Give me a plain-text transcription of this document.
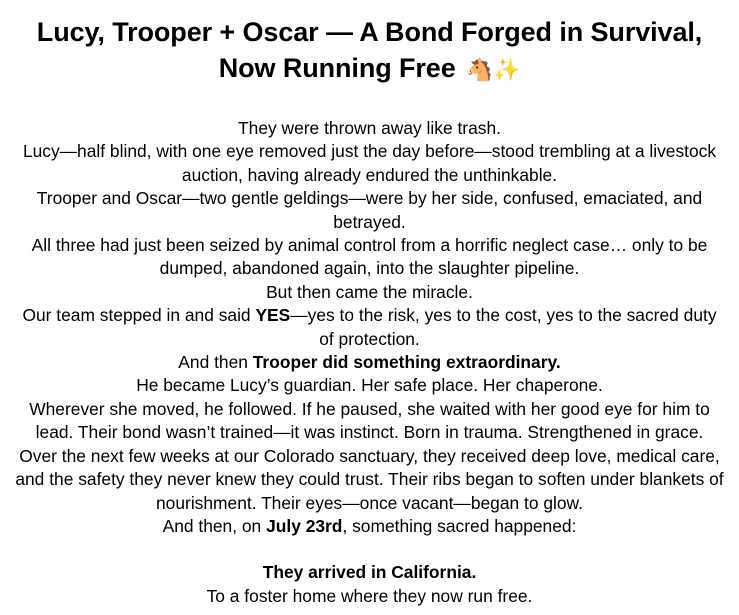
Lucy, Trooper + Oscar — A Bond Forged in Survival,
Now Running Free 🐴✨

They were thrown away like trash.

Lucy—half blind, with one eye removed just the day before—stood trembling at a livestock auction, having already endured the unthinkable.

Trooper and Oscar—two gentle geldings—were by her side, confused, emaciated, and betrayed.

All three had just been seized by animal control from a horrific neglect case… only to be dumped, abandoned again, into the slaughter pipeline.

But then came the miracle.

Our team stepped in and said YES—yes to the risk, yes to the cost, yes to the sacred duty of protection.

And then Trooper did something extraordinary.

He became Lucy’s guardian. Her safe place. Her chaperone.

Wherever she moved, he followed. If he paused, she waited with her good eye for him to lead. Their bond wasn’t trained—it was instinct. Born in trauma. Strengthened in grace.

Over the next few weeks at our Colorado sanctuary, they received deep love, medical care, and the safety they never knew they could trust. Their ribs began to soften under blankets of nourishment. Their eyes—once vacant—began to glow.

And then, on July 23rd, something sacred happened:

They arrived in California.

To a foster home where they now run free.
